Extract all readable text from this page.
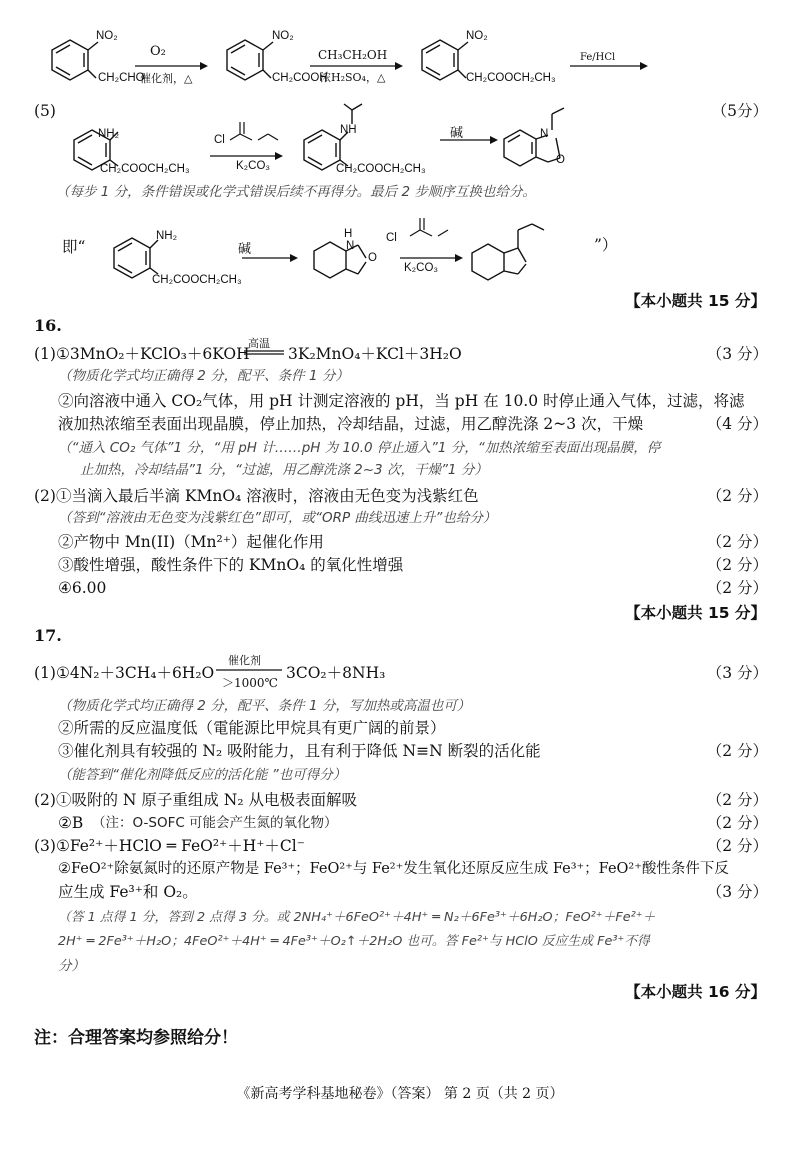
NO₂
CH₂CHO
O₂
催化剂，△
NO₂
CH₂COOH
CH₃CH₂OH
浓H₂SO₄，△
NO₂
CH₂COOCH₂CH₃
Fe/HCl
(5)	（5分）
NH₂
CH₂COOCH₂CH₃
Cl
K₂CO₃
NH
CH₂COOCH₂CH₃
碱	N
O
（每步 1 分，条件错误或化学式错误后续不再得分。最后 2 步顺序互换也给分。
即“
NH₂
CH₂COOCH₂CH₃
碱
H
N
O
Cl
K₂CO₃
”）
【本小题共 15 分】
16.
(1)①3MnO₂＋KClO₃＋6KOH
高温
3K₂MnO₄＋KCl＋3H₂O	（3 分）
（物质化学式均正确得 2 分，配平、条件 1 分）
②向溶液中通入 CO₂气体，用 pH 计测定溶液的 pH，当 pH 在 10.0 时停止通入气体，过滤，将滤
液加热浓缩至表面出现晶膜，停止加热，冷却结晶，过滤，用乙醇洗涤 2~3 次，干燥	（4 分）
（“通入 CO₂ 气体”1 分，“用 pH 计……pH 为 10.0 停止通入”1 分，“加热浓缩至表面出现晶膜，停
止加热，冷却结晶”1 分，“过滤，用乙醇洗涤 2~3 次，干燥”1 分）
(2)①当滴入最后半滴 KMnO₄ 溶液时，溶液由无色变为浅紫红色	（2 分）
（答到“溶液由无色变为浅紫红色”即可，或“ORP 曲线迅速上升”也给分）
②产物中 Mn(II)（Mn²⁺）起催化作用	（2 分）
③酸性增强，酸性条件下的 KMnO₄ 的氧化性增强	（2 分）
④6.00	（2 分）
【本小题共 15 分】
17.
(1)①4N₂＋3CH₄＋6H₂O
催化剂
＞1000℃
3CO₂＋8NH₃	（3 分）
（物质化学式均正确得 2 分，配平、条件 1 分，写加热或高温也可）
②所需的反应温度低（電能源比甲烷具有更广阔的前景）
③催化剂具有较强的 N₂ 吸附能力，且有利于降低 N≡N 断裂的活化能	（2 分）
（能答到“催化剂降低反应的活化能 ”也可得分）
(2)①吸附的 N 原子重组成 N₂ 从电极表面解吸	（2 分）
②B （注：O-SOFC 可能会产生氮的氧化物）	（2 分）
(3)①Fe²⁺＋HClO ═ FeO²⁺＋H⁺＋Cl⁻	（2 分）
②FeO²⁺除氨氮时的还原产物是 Fe³⁺；FeO²⁺与 Fe²⁺发生氧化还原反应生成 Fe³⁺；FeO²⁺酸性条件下反
应生成 Fe³⁺和 O₂。	（3 分）
（答 1 点得 1 分，答到 2 点得 3 分。或 2NH₄⁺＋6FeO²⁺＋4H⁺ ═ N₂＋6Fe³⁺＋6H₂O；FeO²⁺＋Fe²⁺＋
2H⁺ ═ 2Fe³⁺＋H₂O；4FeO²⁺＋4H⁺ ═ 4Fe³⁺＋O₂↑＋2H₂O 也可。答 Fe²⁺与 HClO 反应生成 Fe³⁺不得
分）
【本小题共 16 分】
注：合理答案均参照给分！
《新高考学科基地秘卷》（答案） 第 2 页（共 2 页）
